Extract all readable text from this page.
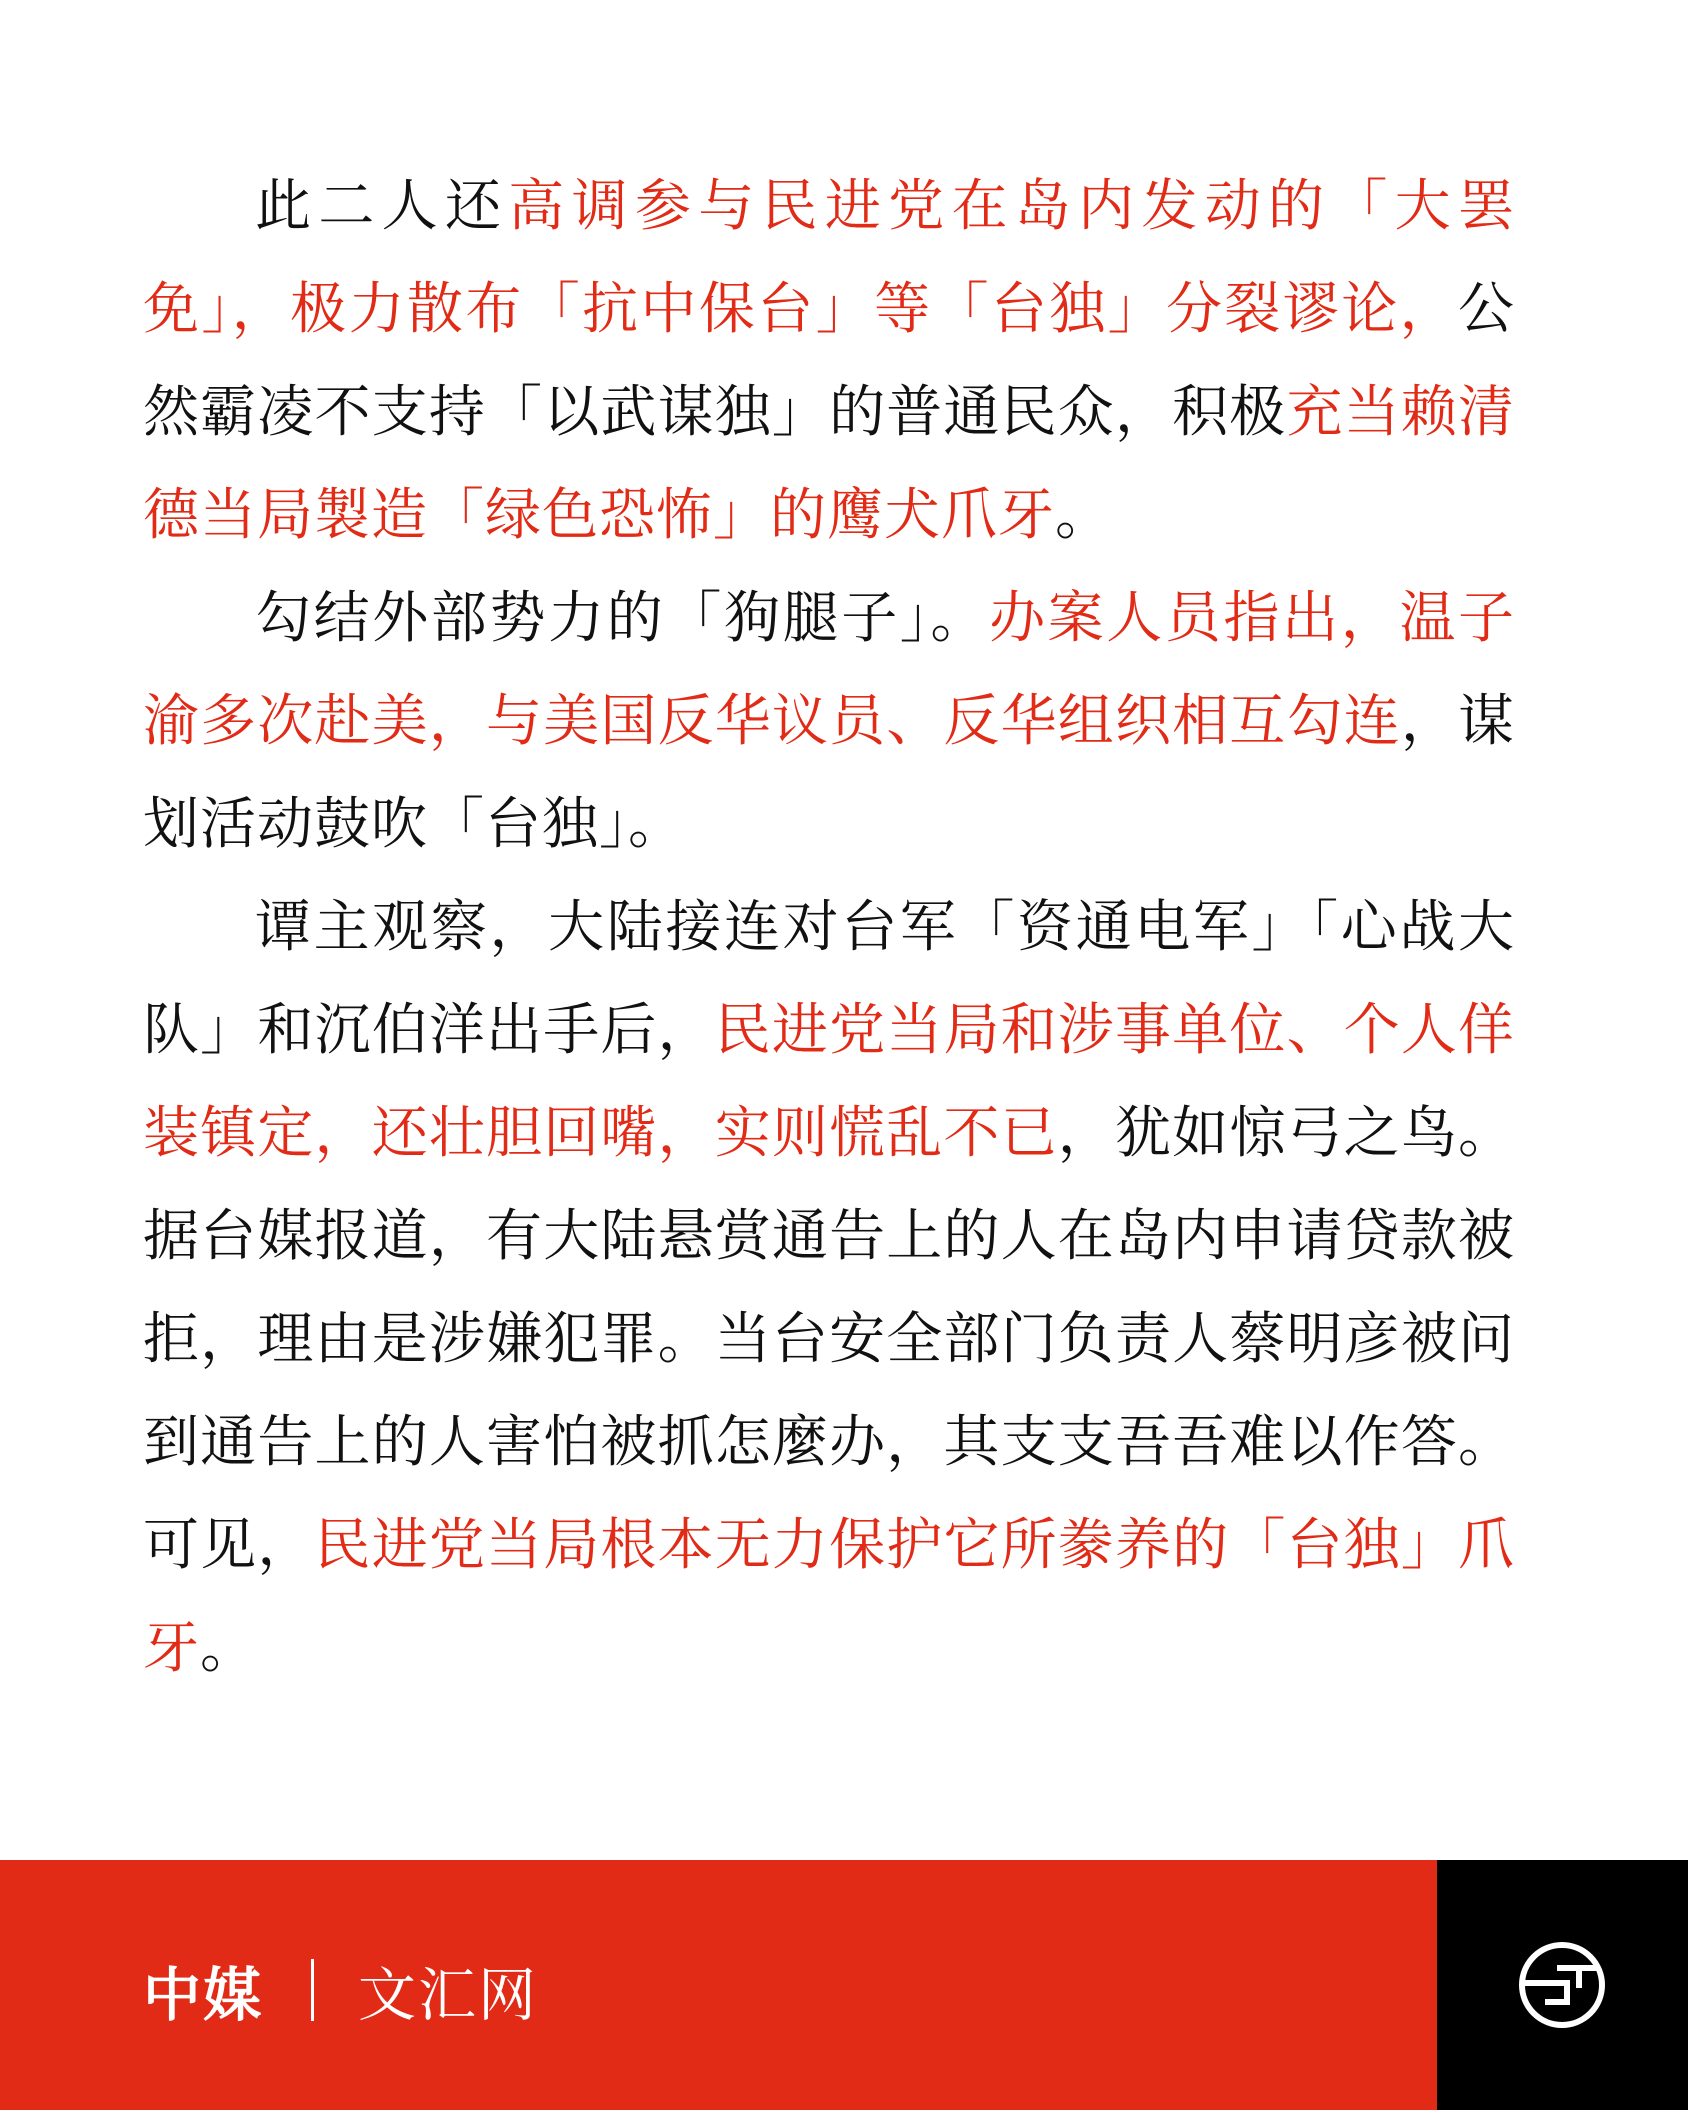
此二人还高调参与民进党在岛内发动的「大罢免」，极力散布「抗中保台」等「台独」分裂谬论，公然霸凌不支持「以武谋独」的普通民众，积极充当赖清德当局製造「绿色恐怖」的鹰犬爪牙。

勾结外部势力的「狗腿子」。办案人员指出，温子渝多次赴美，与美国反华议员、反华组织相互勾连，谋划活动鼓吹「台独」。

谭主观察，大陆接连对台军「资通电军」「心战大队」和沉伯洋出手后，民进党当局和涉事单位、个人佯装镇定，还壮胆回嘴，实则慌乱不已，犹如惊弓之鸟。据台媒报道，有大陆悬赏通告上的人在岛内申请贷款被拒，理由是涉嫌犯罪。当台安全部门负责人蔡明彦被问到通告上的人害怕被抓怎麼办，其支支吾吾难以作答。可见，民进党当局根本无力保护它所豢养的「台独」爪牙。

中媒 文汇网
